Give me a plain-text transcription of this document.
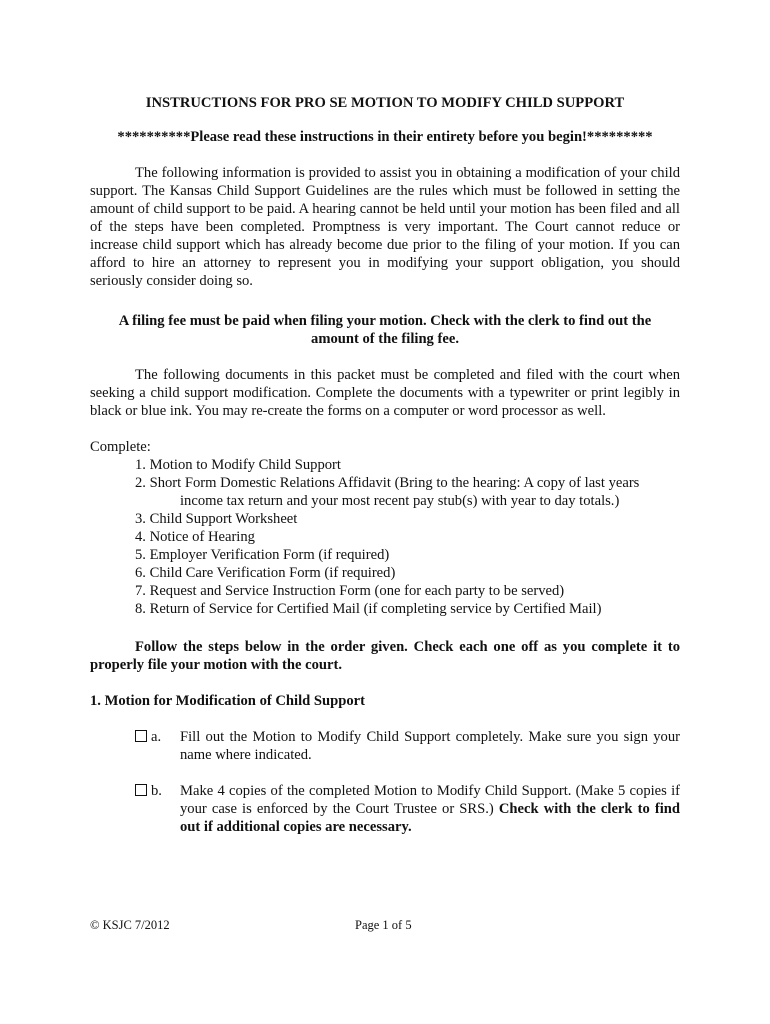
INSTRUCTIONS FOR PRO SE MOTION TO MODIFY CHILD SUPPORT
**********Please read these instructions in their entirety before you begin!*********

The following information is provided to assist you in obtaining a modification of your child support. The Kansas Child Support Guidelines are the rules which must be followed in setting the amount of child support to be paid. A hearing cannot be held until your motion has been filed and all of the steps have been completed. Promptness is very important. The Court cannot reduce or increase child support which has already become due prior to the filing of your motion. If you can afford to hire an attorney to represent you in modifying your support obligation, you should seriously consider doing so.

A filing fee must be paid when filing your motion. Check with the clerk to find out the
amount of the filing fee.

The following documents in this packet must be completed and filed with the court when seeking a child support modification. Complete the documents with a typewriter or print legibly in black or blue ink. You may re-create the forms on a computer or word processor as well.

Complete:

1. Motion to Modify Child Support
2. Short Form Domestic Relations Affidavit (Bring to the hearing: A copy of last years
income tax return and your most recent pay stub(s) with year to day totals.)
3. Child Support Worksheet
4. Notice of Hearing
5. Employer Verification Form (if required)
6. Child Care Verification Form (if required)
7. Request and Service Instruction Form (one for each party to be served)
8. Return of Service for Certified Mail (if completing service by Certified Mail)

Follow the steps below in the order given. Check each one off as you complete it to properly file your motion with the court.

1. Motion for Modification of Child Support

a.	Fill out the Motion to Modify Child Support completely. Make sure you sign your name where indicated.
b.	Make 4 copies of the completed Motion to Modify Child Support. (Make 5 copies if your case is enforced by the Court Trustee or SRS.) Check with the clerk to find out if additional copies are necessary.
© KSJC 7/2012	Page 1 of 5
